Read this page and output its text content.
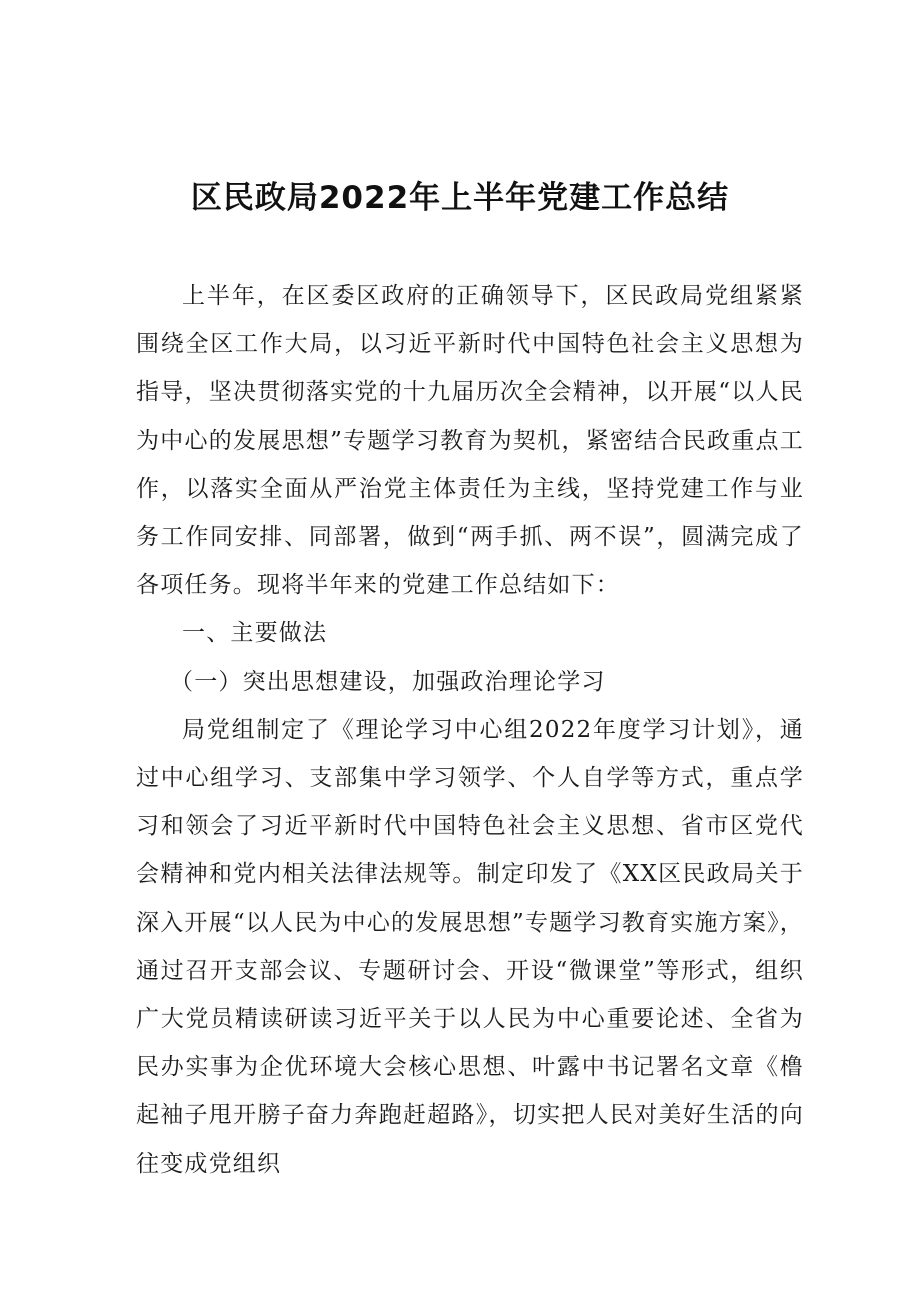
区民政局2022年上半年党建工作总结

上半年，在区委区政府的正确领导下，区民政局党组紧紧围绕全区工作大局，以习近平新时代中国特色社会主义思想为指导，坚决贯彻落实党的十九届历次全会精神，以开展“以人民为中心的发展思想”专题学习教育为契机，紧密结合民政重点工作，以落实全面从严治党主体责任为主线，坚持党建工作与业务工作同安排、同部署，做到“两手抓、两不误”，圆满完成了各项任务。现将半年来的党建工作总结如下：

一、主要做法

（一）突出思想建设，加强政治理论学习

局党组制定了《理论学习中心组2022年度学习计划》，通过中心组学习、支部集中学习领学、个人自学等方式，重点学习和领会了习近平新时代中国特色社会主义思想、省市区党代会精神和党内相关法律法规等。制定印发了《XX区民政局关于深入开展“以人民为中心的发展思想”专题学习教育实施方案》，通过召开支部会议、专题研讨会、开设“微课堂”等形式，组织广大党员精读研读习近平关于以人民为中心重要论述、全省为民办实事为企优环境大会核心思想、叶露中书记署名文章《橹起袖子甩开膀子奋力奔跑赶超路》，切实把人民对美好生活的向往变成党组织
